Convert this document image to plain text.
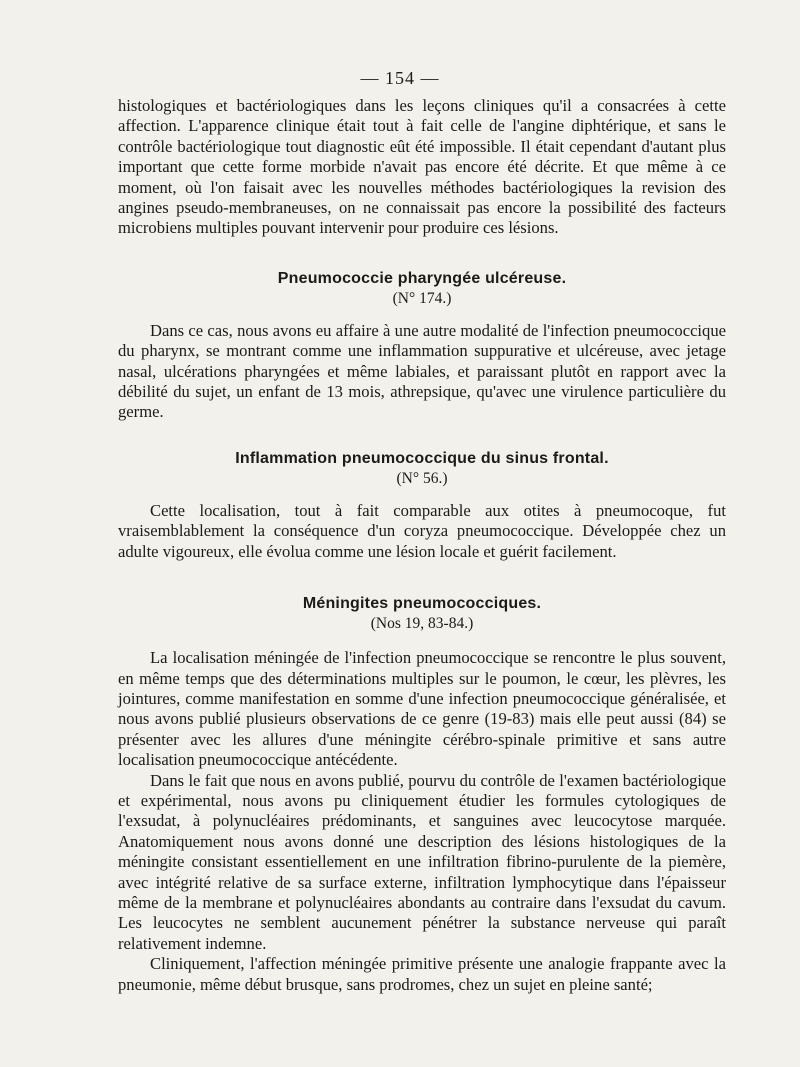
— 154 —

histologiques et bactériologiques dans les leçons cliniques qu'il a consacrées à cette affection. L'apparence clinique était tout à fait celle de l'angine diphtérique, et sans le contrôle bactériologique tout diagnostic eût été impossible. Il était cependant d'autant plus important que cette forme morbide n'avait pas encore été décrite. Et que même à ce moment, où l'on faisait avec les nouvelles méthodes bactériologiques la revision des angines pseudo-membraneuses, on ne connaissait pas encore la possibilité des facteurs microbiens multiples pouvant intervenir pour produire ces lésions.

Pneumococcie pharyngée ulcéreuse.
(N° 174.)

Dans ce cas, nous avons eu affaire à une autre modalité de l'infection pneumococcique du pharynx, se montrant comme une inflammation suppurative et ulcéreuse, avec jetage nasal, ulcérations pharyngées et même labiales, et paraissant plutôt en rapport avec la débilité du sujet, un enfant de 13 mois, athrepsique, qu'avec une virulence particulière du germe.

Inflammation pneumococcique du sinus frontal.
(N° 56.)

Cette localisation, tout à fait comparable aux otites à pneumocoque, fut vraisemblablement la conséquence d'un coryza pneumococcique. Développée chez un adulte vigoureux, elle évolua comme une lésion locale et guérit facilement.

Méningites pneumococciques.
(Nos 19, 83-84.)

La localisation méningée de l'infection pneumococcique se rencontre le plus souvent, en même temps que des déterminations multiples sur le poumon, le cœur, les plèvres, les jointures, comme manifestation en somme d'une infection pneumococcique généralisée, et nous avons publié plusieurs observations de ce genre (19-83) mais elle peut aussi (84) se présenter avec les allures d'une méningite cérébro-spinale primitive et sans autre localisation pneumococcique antécédente.

Dans le fait que nous en avons publié, pourvu du contrôle de l'examen bactériologique et expérimental, nous avons pu cliniquement étudier les formules cytologiques de l'exsudat, à polynucléaires prédominants, et sanguines avec leucocytose marquée. Anatomiquement nous avons donné une description des lésions histologiques de la méningite consistant essentiellement en une infiltration fibrino-purulente de la piemère, avec intégrité relative de sa surface externe, infiltration lymphocytique dans l'épaisseur même de la membrane et polynucléaires abondants au contraire dans l'exsudat du cavum. Les leucocytes ne semblent aucunement pénétrer la substance nerveuse qui paraît relativement indemne.

Cliniquement, l'affection méningée primitive présente une analogie frappante avec la pneumonie, même début brusque, sans prodromes, chez un sujet en pleine santé;
